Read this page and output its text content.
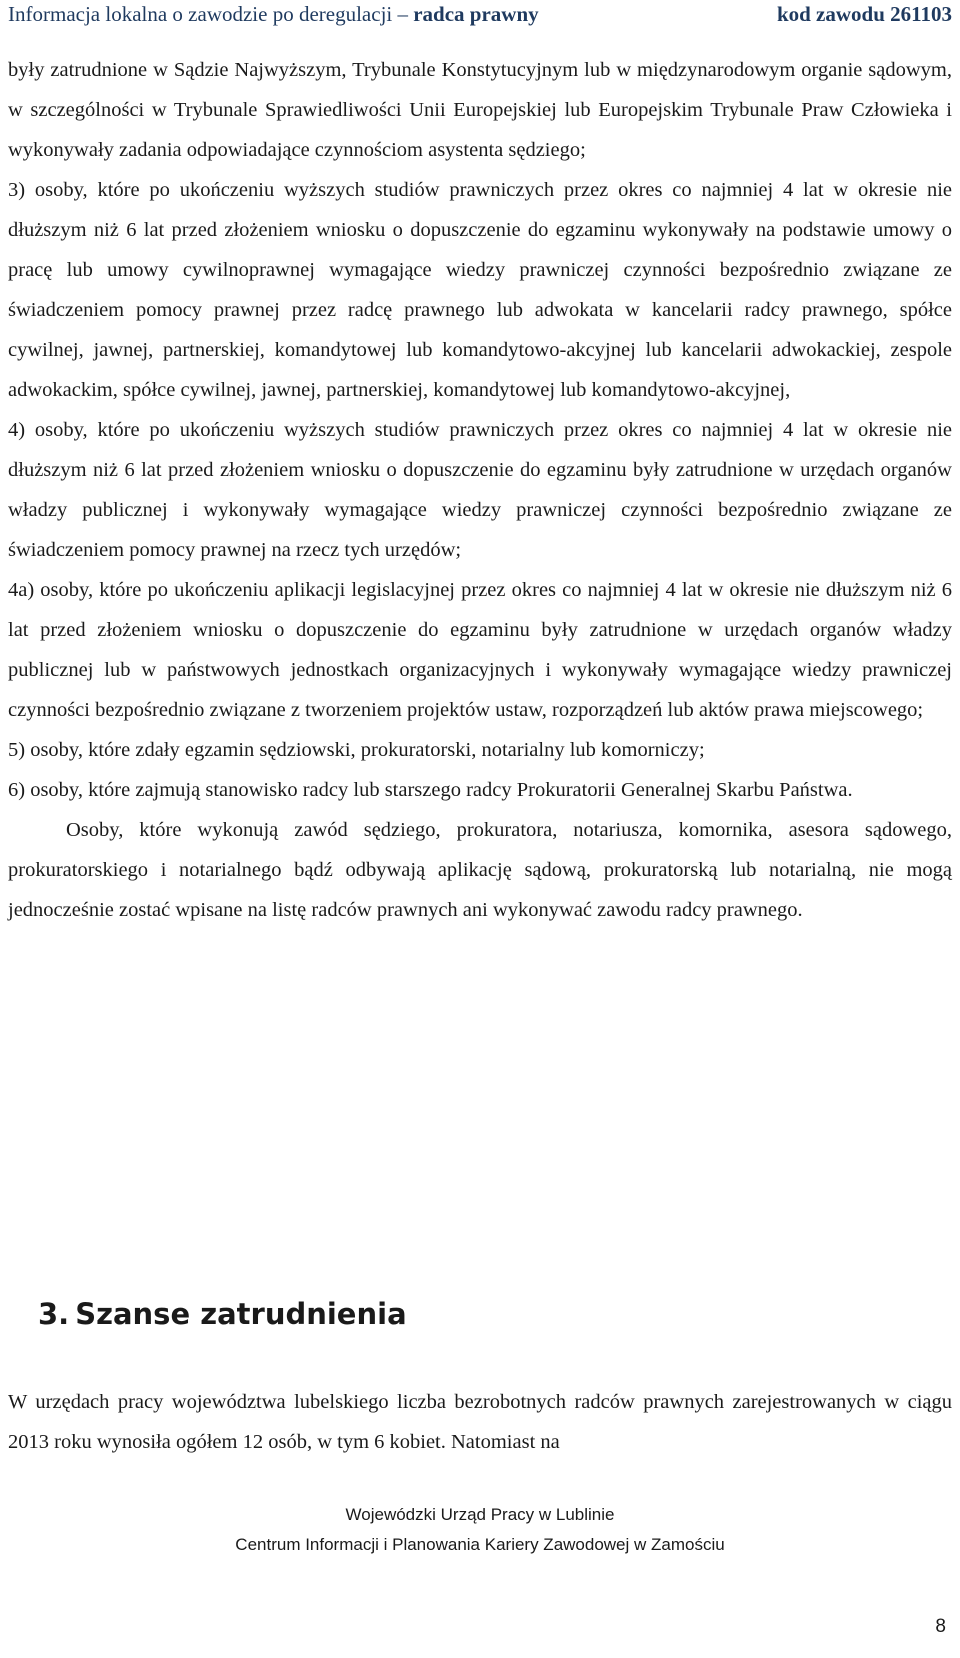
Informacja lokalna o zawodzie po deregulacji – radca prawny	kod zawodu 261103

były zatrudnione w Sądzie Najwyższym, Trybunale Konstytucyjnym lub w międzynarodowym organie sądowym, w szczególności w Trybunale Sprawiedliwości Unii Europejskiej lub Europejskim Trybunale Praw Człowieka i wykonywały zadania odpowiadające czynnościom asystenta sędziego;

3) osoby, które po ukończeniu wyższych studiów prawniczych przez okres co najmniej 4 lat w okresie nie dłuższym niż 6 lat przed złożeniem wniosku o dopuszczenie do egzaminu wykonywały na podstawie umowy o pracę lub umowy cywilnoprawnej wymagające wiedzy prawniczej czynności bezpośrednio związane ze świadczeniem pomocy prawnej przez radcę prawnego lub adwokata w kancelarii radcy prawnego, spółce cywilnej, jawnej, partnerskiej, komandytowej lub komandytowo-akcyjnej lub kancelarii adwokackiej, zespole adwokackim, spółce cywilnej, jawnej, partnerskiej, komandytowej lub komandytowo-akcyjnej,

4) osoby, które po ukończeniu wyższych studiów prawniczych przez okres co najmniej 4 lat w okresie nie dłuższym niż 6 lat przed złożeniem wniosku o dopuszczenie do egzaminu były zatrudnione w urzędach organów władzy publicznej i wykonywały wymagające wiedzy prawniczej czynności bezpośrednio związane ze świadczeniem pomocy prawnej na rzecz tych urzędów;

4a) osoby, które po ukończeniu aplikacji legislacyjnej przez okres co najmniej 4 lat w okresie nie dłuższym niż 6 lat przed złożeniem wniosku o dopuszczenie do egzaminu były zatrudnione w urzędach organów władzy publicznej lub w państwowych jednostkach organizacyjnych i wykonywały wymagające wiedzy prawniczej czynności bezpośrednio związane z tworzeniem projektów ustaw, rozporządzeń lub aktów prawa miejscowego;

5) osoby, które zdały egzamin sędziowski, prokuratorski, notarialny lub komorniczy;

6) osoby, które zajmują stanowisko radcy lub starszego radcy Prokuratorii Generalnej Skarbu Państwa.

Osoby, które wykonują zawód sędziego, prokuratora, notariusza, komornika, asesora sądowego, prokuratorskiego i notarialnego bądź odbywają aplikację sądową, prokuratorską lub notarialną, nie mogą jednocześnie zostać wpisane na listę radców prawnych ani wykonywać zawodu radcy prawnego.

3. Szanse zatrudnienia

W urzędach pracy województwa lubelskiego liczba bezrobotnych radców prawnych zarejestrowanych w ciągu 2013 roku wynosiła ogółem 12 osób, w tym 6 kobiet. Natomiast na

Wojewódzki Urząd Pracy w Lublinie
Centrum Informacji i Planowania Kariery Zawodowej w Zamościu
8
